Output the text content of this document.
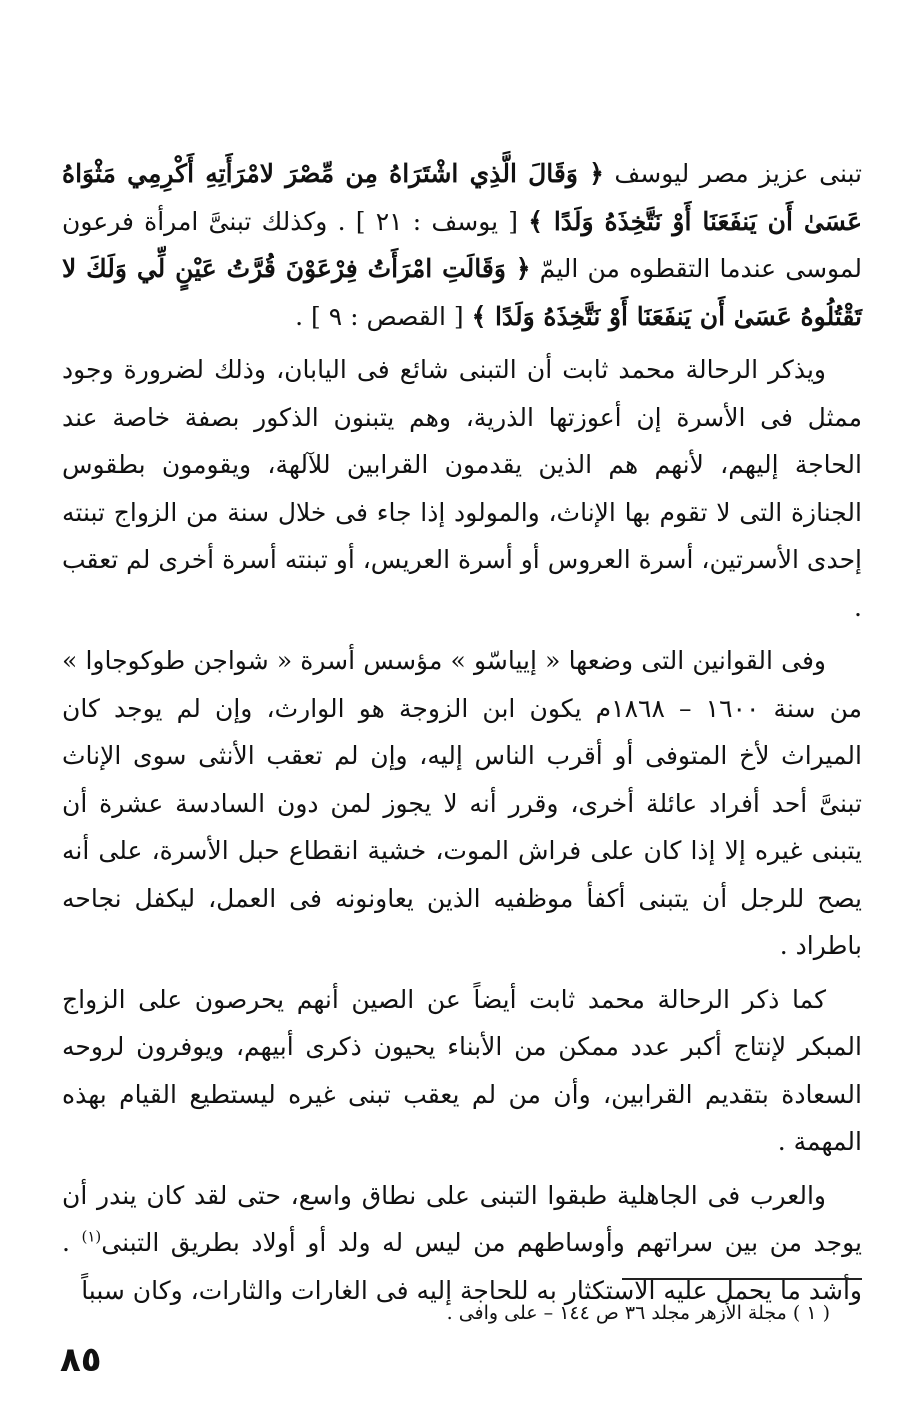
تبنى عزيز مصر ليوسف ﴿ وَقَالَ الَّذِي اشْتَرَاهُ مِن مِّصْرَ لامْرَأَتِهِ أَكْرِمِي مَثْوَاهُ عَسَىٰ أَن يَنفَعَنَا أَوْ نَتَّخِذَهُ وَلَدًا ﴾ [ يوسف : ٢١ ] . وكذلك تبنىَّ امرأة فرعون لموسى عندما التقطوه من اليمّ ﴿ وَقَالَتِ امْرَأَتُ فِرْعَوْنَ قُرَّتُ عَيْنٍ لِّي وَلَكَ لا تَقْتُلُوهُ عَسَىٰ أَن يَنفَعَنَا أَوْ نَتَّخِذَهُ وَلَدًا ﴾ [ القصص : ٩ ] .

ويذكر الرحالة محمد ثابت أن التبنى شائع فى اليابان، وذلك لضرورة وجود ممثل فى الأسرة إن أعوزتها الذرية، وهم يتبنون الذكور بصفة خاصة عند الحاجة إليهم، لأنهم هم الذين يقدمون القرابين للآلهة، ويقومون بطقوس الجنازة التى لا تقوم بها الإناث، والمولود إذا جاء فى خلال سنة من الزواج تبنته إحدى الأسرتين، أسرة العروس أو أسرة العريس، أو تبنته أسرة أخرى لم تعقب .

وفى القوانين التى وضعها « إيياسّو » مؤسس أسرة « شواجن طوكوجاوا » من سنة ١٦٠٠ – ١٨٦٨م يكون ابن الزوجة هو الوارث، وإن لم يوجد كان الميراث لأخ المتوفى أو أقرب الناس إليه، وإن لم تعقب الأنثى سوى الإناث تبنىَّ أحد أفراد عائلة أخرى، وقرر أنه لا يجوز لمن دون السادسة عشرة أن يتبنى غيره إلا إذا كان على فراش الموت، خشية انقطاع حبل الأسرة، على أنه يصح للرجل أن يتبنى أكفأ موظفيه الذين يعاونونه فى العمل، ليكفل نجاحه باطراد .

كما ذكر الرحالة محمد ثابت أيضاً عن الصين أنهم يحرصون على الزواج المبكر لإنتاج أكبر عدد ممكن من الأبناء يحيون ذكرى أبيهم، ويوفرون لروحه السعادة بتقديم القرابين، وأن من لم يعقب تبنى غيره ليستطيع القيام بهذه المهمة .

والعرب فى الجاهلية طبقوا التبنى على نطاق واسع، حتى لقد كان يندر أن يوجد من بين سراتهم وأوساطهم من ليس له ولد أو أولاد بطريق التبنى$^{(١)}$ . وأشد ما يحمل عليه الاستكثار به للحاجة إليه فى الغارات والثارات، وكان سبباً

( ١ ) مجلة الأزهر مجلد ٣٦ ص ١٤٤ – على وافى .
٨٥
